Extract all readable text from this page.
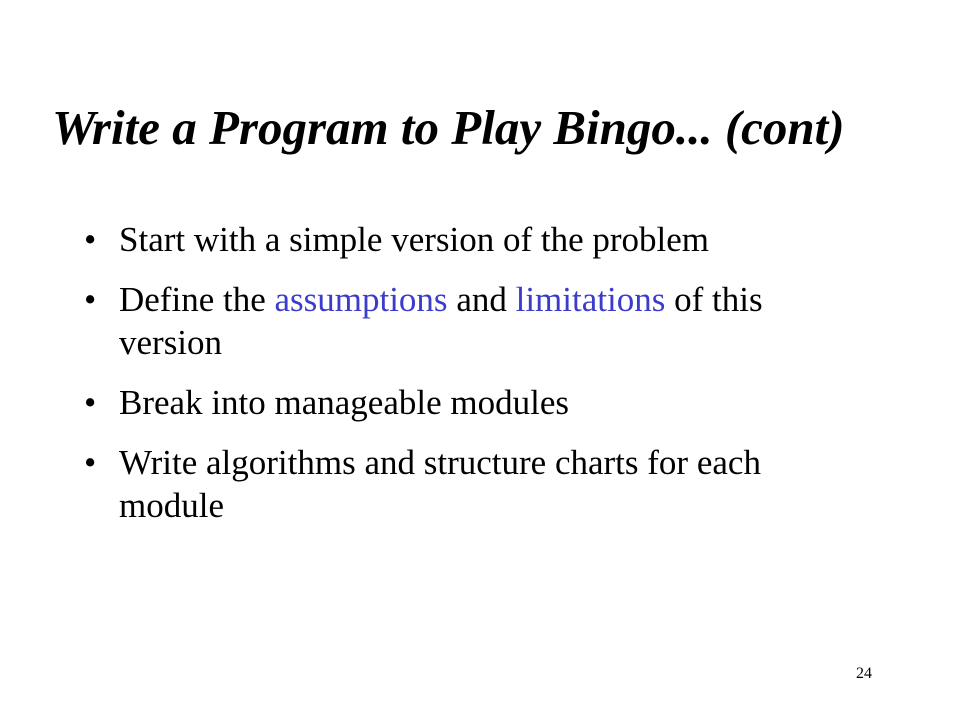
Write a Program to Play Bingo... (cont)
• Start with a simple version of the problem
• Define the assumptions and limitations of this version
• Break into manageable modules
• Write algorithms and structure charts for each module
24
